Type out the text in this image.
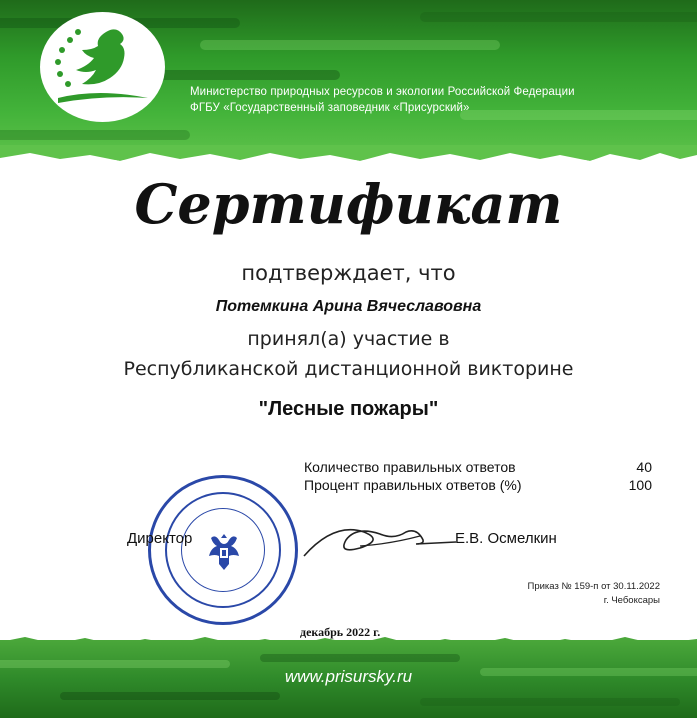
Министерство природных ресурсов и экологии Российской Федерации
ФГБУ «Государственный заповедник «Присурский»
Сертификат
подтверждает, что
Потемкина Арина Вячеславовна
принял(а) участие в
Республиканской дистанционной викторине
"Лесные пожары"
Количество правильных ответов	40
Процент правильных ответов (%)	100
Директор	Е.В. Осмелкин
Приказ № 159-п от 30.11.2022
г. Чебоксары
декабрь 2022 г.
www.prisursky.ru
